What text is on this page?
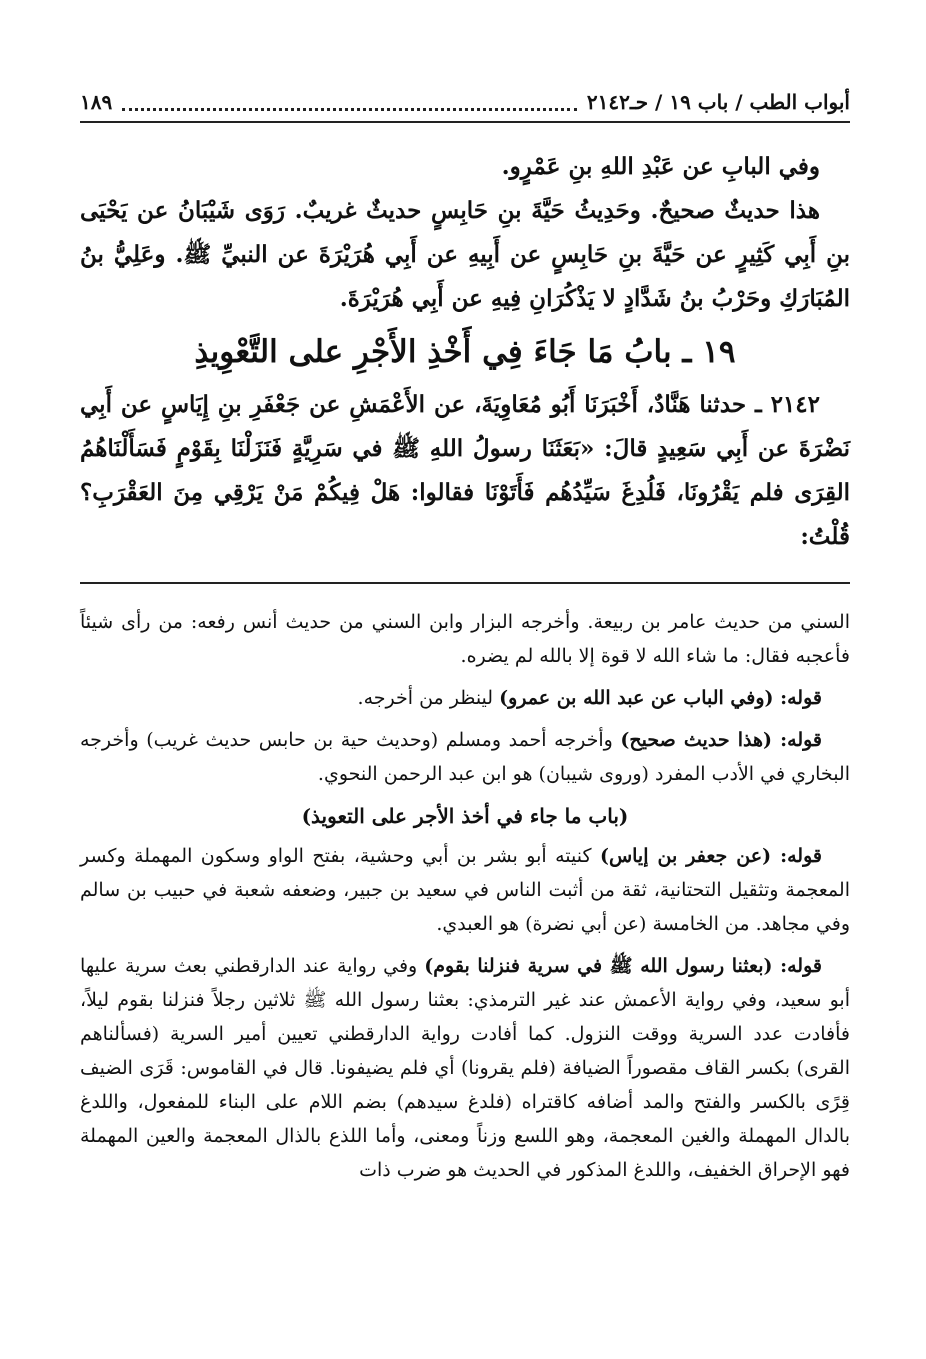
أبواب الطب / باب ١٩ / حـ٢١٤٢
١٨٩

وفي البابِ عن عَبْدِ اللهِ بنِ عَمْرٍو.

هذا حديثٌ صحيحٌ. وحَدِيثُ حَيَّةَ بنِ حَابِسٍ حديثٌ غريبٌ. رَوَى شَيْبَانُ عن يَحْيَى بنِ أَبِي كَثِيرٍ عن حَيَّةَ بنِ حَابِسٍ عن أَبِيهِ عن أَبِي هُرَيْرَةَ عن النبيِّ ﷺ. وعَلِيُّ بنُ المُبَارَكِ وحَرْبُ بنُ شَدَّادٍ لا يَذْكُرَانِ فِيهِ عن أَبِي هُرَيْرَةَ.

١٩ ـ بابُ مَا جَاءَ فِي أَخْذِ الأَجْرِ على التَّعْوِيذِ

٢١٤٢ ـ حدثنا هَنَّادٌ، أَخْبَرَنَا أَبُو مُعَاوِيَةَ، عن الأَعْمَشِ عن جَعْفَرِ بنِ إِيَاسٍ عن أَبِي نَضْرَةَ عن أَبِي سَعِيدٍ قالَ: «بَعَثَنَا رسولُ اللهِ ﷺ في سَرِيَّةٍ فَنَزَلْنَا بِقَوْمٍ فَسَأَلْنَاهُمُ القِرَى فلم يَقْرُونَا، فَلُدِغَ سَيِّدُهُم فَأَتَوْنَا فقالوا: هَلْ فِيكُمْ مَنْ يَرْقِي مِنَ العَقْرَبِ؟ قُلْتُ:

السني من حديث عامر بن ربيعة. وأخرجه البزار وابن السني من حديث أنس رفعه: من رأى شيئاً فأعجبه فقال: ما شاء الله لا قوة إلا بالله لم يضره.

قوله: (وفي الباب عن عبد الله بن عمرو) لينظر من أخرجه.

قوله: (هذا حديث صحيح) وأخرجه أحمد ومسلم (وحديث حية بن حابس حديث غريب) وأخرجه البخاري في الأدب المفرد (وروى شيبان) هو ابن عبد الرحمن النحوي.

(باب ما جاء في أخذ الأجر على التعويذ)

قوله: (عن جعفر بن إياس) كنيته أبو بشر بن أبي وحشية، بفتح الواو وسكون المهملة وكسر المعجمة وتثقيل التحتانية، ثقة من أثبت الناس في سعيد بن جبير، وضعفه شعبة في حبيب بن سالم وفي مجاهد. من الخامسة (عن أبي نضرة) هو العبدي.

قوله: (بعثنا رسول الله ﷺ في سرية فنزلنا بقوم) وفي رواية عند الدارقطني بعث سرية عليها أبو سعيد، وفي رواية الأعمش عند غير الترمذي: بعثنا رسول الله ﷺ ثلاثين رجلاً فنزلنا بقوم ليلاً، فأفادت عدد السرية ووقت النزول. كما أفادت رواية الدارقطني تعيين أمير السرية (فسألناهم القرى) بكسر القاف مقصوراً الضيافة (فلم يقرونا) أي فلم يضيفونا. قال في القاموس: قَرَى الضيف قِرًى بالكسر والفتح والمد أضافه كاقتراه (فلدغ سيدهم) بضم اللام على البناء للمفعول، واللدغ بالدال المهملة والغين المعجمة، وهو اللسع وزناً ومعنى، وأما اللذع بالذال المعجمة والعين المهملة فهو الإحراق الخفيف، واللدغ المذكور في الحديث هو ضرب ذات
